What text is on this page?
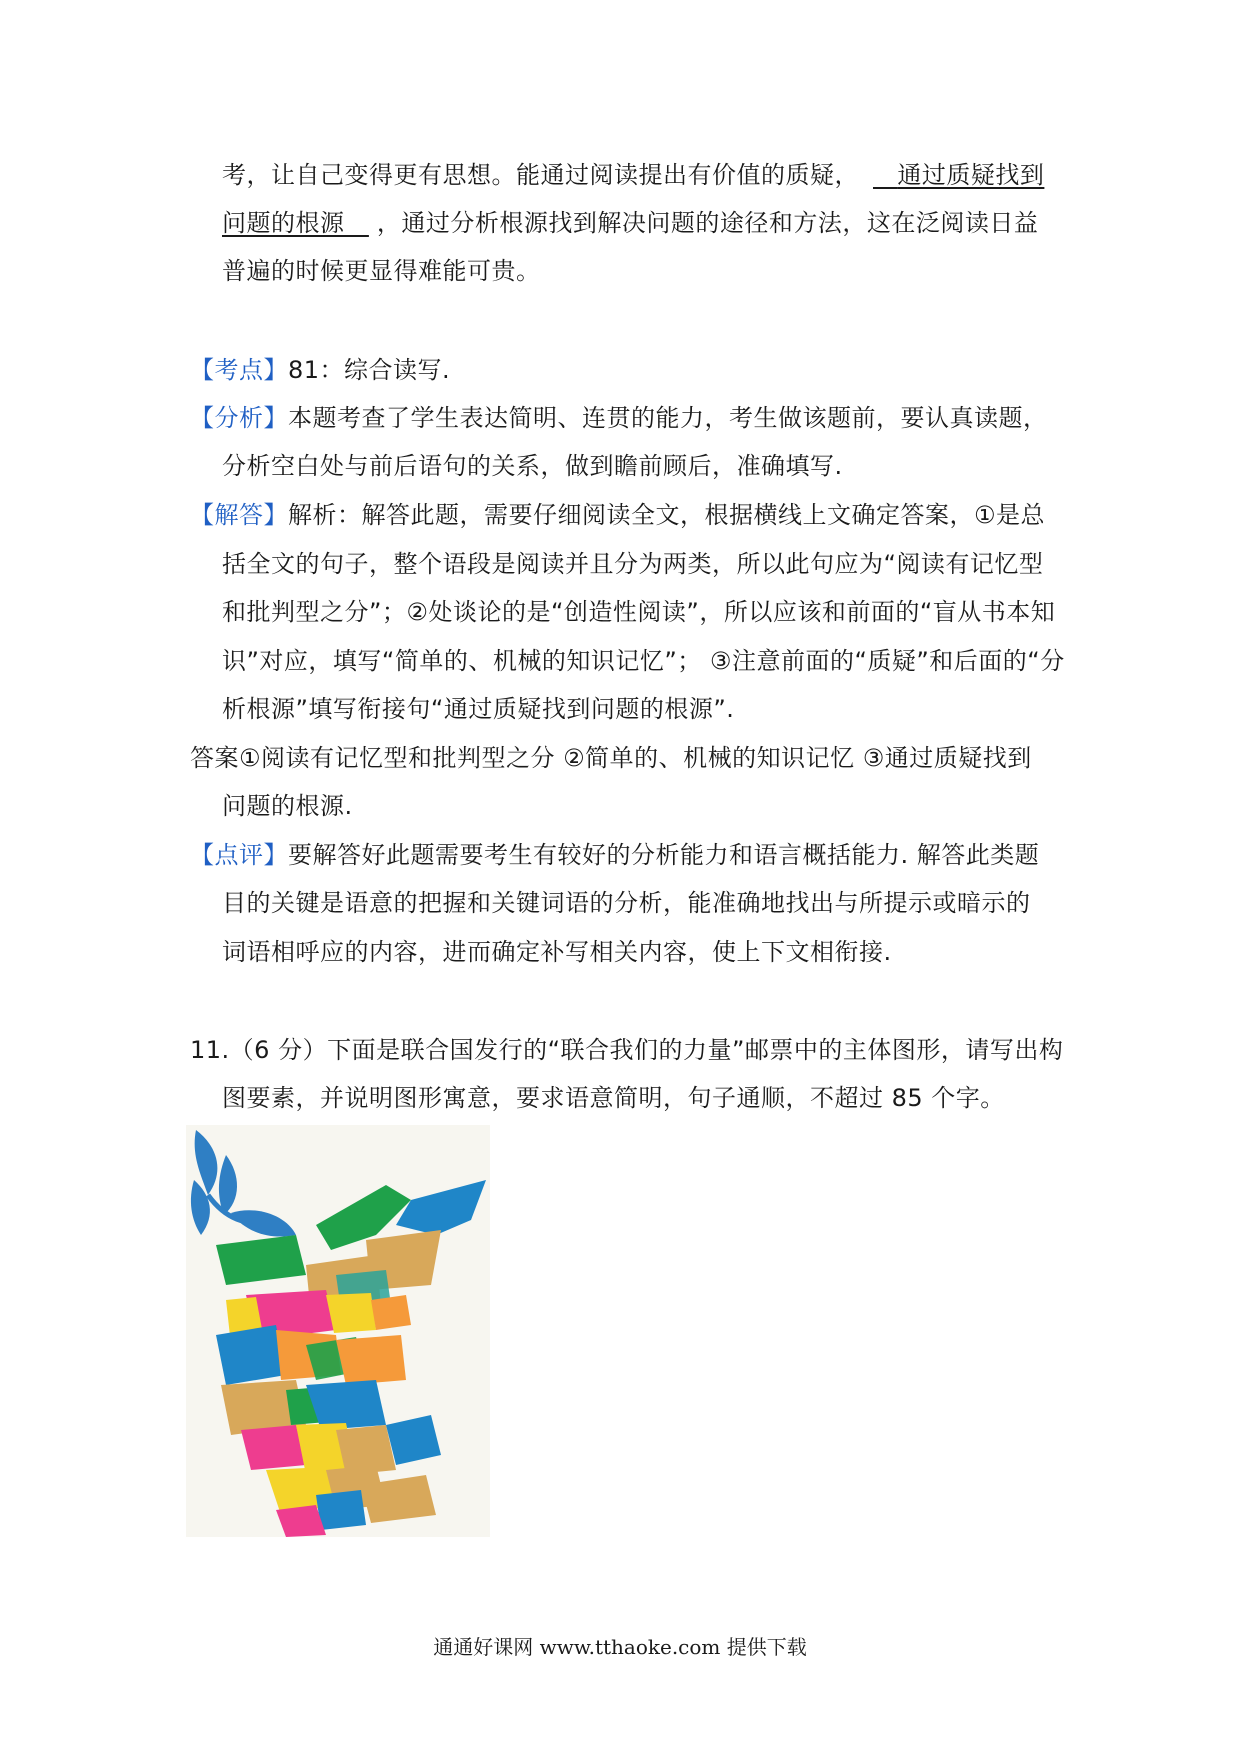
考，让自己变得更有思想。能通过阅读提出有价值的质疑， 通过质疑找到
问题的根源 ，通过分析根源找到解决问题的途径和方法，这在泛阅读日益
普遍的时候更显得难能可贵。
【考点】81：综合读写.
【分析】本题考查了学生表达简明、连贯的能力，考生做该题前，要认真读题，
分析空白处与前后语句的关系，做到瞻前顾后，准确填写.
【解答】解析：解答此题，需要仔细阅读全文，根据横线上文确定答案，①是总
括全文的句子，整个语段是阅读并且分为两类，所以此句应为“阅读有记忆型
和批判型之分”；②处谈论的是“创造性阅读”，所以应该和前面的“盲从书本知
识”对应，填写“简单的、机械的知识记忆”； ③注意前面的“质疑”和后面的“分
析根源”填写衔接句“通过质疑找到问题的根源”.
答案①阅读有记忆型和批判型之分 ②简单的、机械的知识记忆 ③通过质疑找到
问题的根源.
【点评】要解答好此题需要考生有较好的分析能力和语言概括能力. 解答此类题
目的关键是语意的把握和关键词语的分析，能准确地找出与所提示或暗示的
词语相呼应的内容，进而确定补写相关内容，使上下文相衔接.
11.（6 分）下面是联合国发行的“联合我们的力量”邮票中的主体图形，请写出构
图要素，并说明图形寓意，要求语意简明，句子通顺，不超过 85 个字。
通通好课网 www.tthaoke.com 提供下载
